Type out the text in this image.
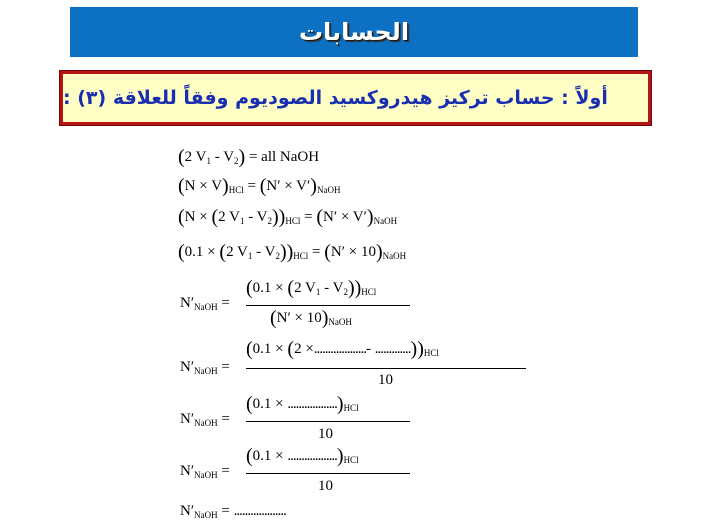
الحسابات
أولاً : حساب تركيز هيدروكسيد الصوديوم وفقاً للعلاقة (٣) :
(2 $V_1 - V_2$) = all NaOH
$(N \times V)_{HCl} = (N' \times V')_{NaOH}$
(N × (2 $V_1 - V_2))_{HCl} = (N' \times V')_{NaOH}$
(0.1 × (2 $V_1 - V_2))_{HCl} = (N' \times 10)_{NaOH}$
$N'_{NaOH}$ =
(0.1 × (2 $V_1 - V_2))_{HCl}$
$(N' \times 10)_{NaOH}$
$N'_{NaOH}$ =
(0.1 × (2 ×...................- $.............))_{HCl}$
10
$N'_{NaOH}$ =
$(0.1 \times ..................)_{HCl}$
10
$N'_{NaOH}$ =
$(0.1 \times ..................)_{HCl}$
10
$N'_{NaOH}$ = ...................
